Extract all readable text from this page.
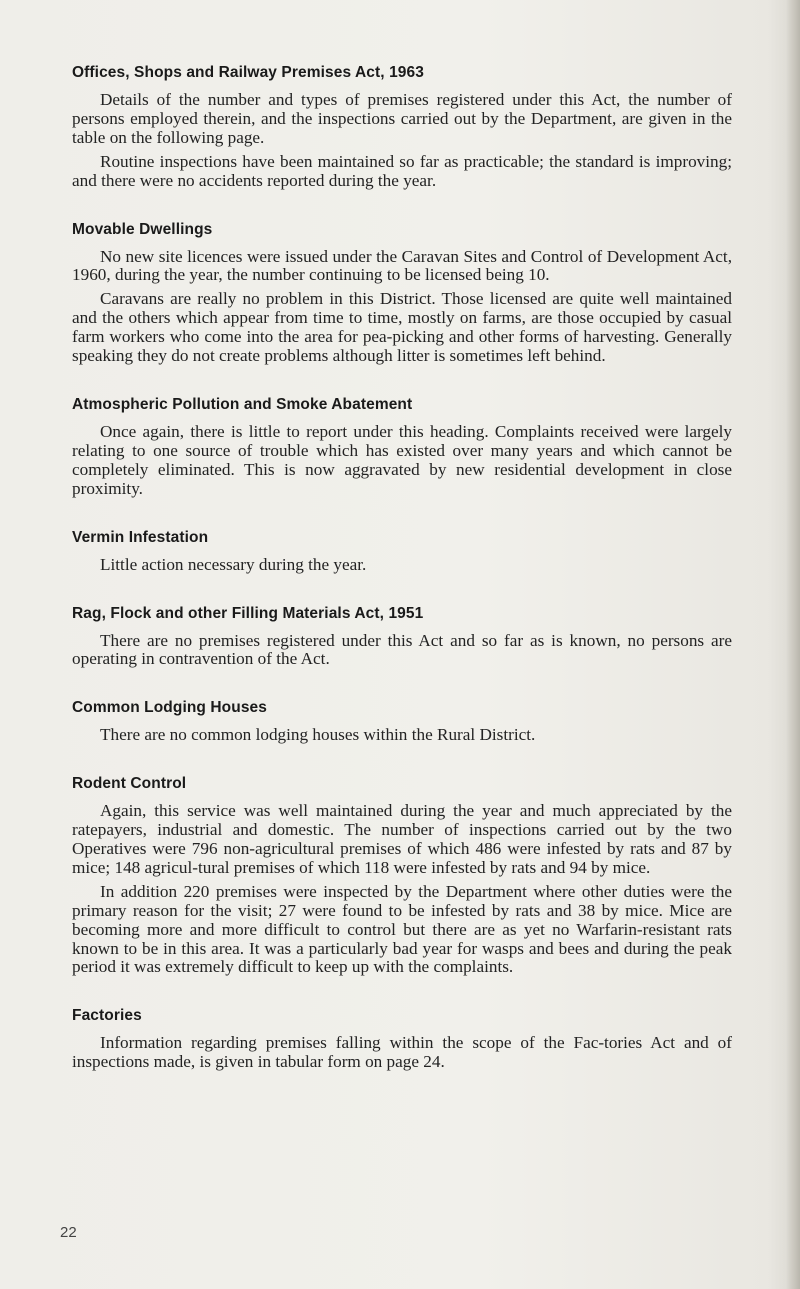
Offices, Shops and Railway Premises Act, 1963

Details of the number and types of premises registered under this Act, the number of persons employed therein, and the inspections carried out by the Department, are given in the table on the following page.

Routine inspections have been maintained so far as practicable; the standard is improving; and there were no accidents reported during the year.

Movable Dwellings

No new site licences were issued under the Caravan Sites and Control of Development Act, 1960, during the year, the number continuing to be licensed being 10.

Caravans are really no problem in this District. Those licensed are quite well maintained and the others which appear from time to time, mostly on farms, are those occupied by casual farm workers who come into the area for pea-picking and other forms of harvesting. Generally speaking they do not create problems although litter is sometimes left behind.

Atmospheric Pollution and Smoke Abatement

Once again, there is little to report under this heading. Complaints received were largely relating to one source of trouble which has existed over many years and which cannot be completely eliminated. This is now aggravated by new residential development in close proximity.

Vermin Infestation

Little action necessary during the year.

Rag, Flock and other Filling Materials Act, 1951

There are no premises registered under this Act and so far as is known, no persons are operating in contravention of the Act.

Common Lodging Houses

There are no common lodging houses within the Rural District.

Rodent Control

Again, this service was well maintained during the year and much appreciated by the ratepayers, industrial and domestic. The number of inspections carried out by the two Operatives were 796 non-agricultural premises of which 486 were infested by rats and 87 by mice; 148 agricul-tural premises of which 118 were infested by rats and 94 by mice.

In addition 220 premises were inspected by the Department where other duties were the primary reason for the visit; 27 were found to be infested by rats and 38 by mice. Mice are becoming more and more difficult to control but there are as yet no Warfarin-resistant rats known to be in this area. It was a particularly bad year for wasps and bees and during the peak period it was extremely difficult to keep up with the complaints.

Factories

Information regarding premises falling within the scope of the Fac-tories Act and of inspections made, is given in tabular form on page 24.

22
